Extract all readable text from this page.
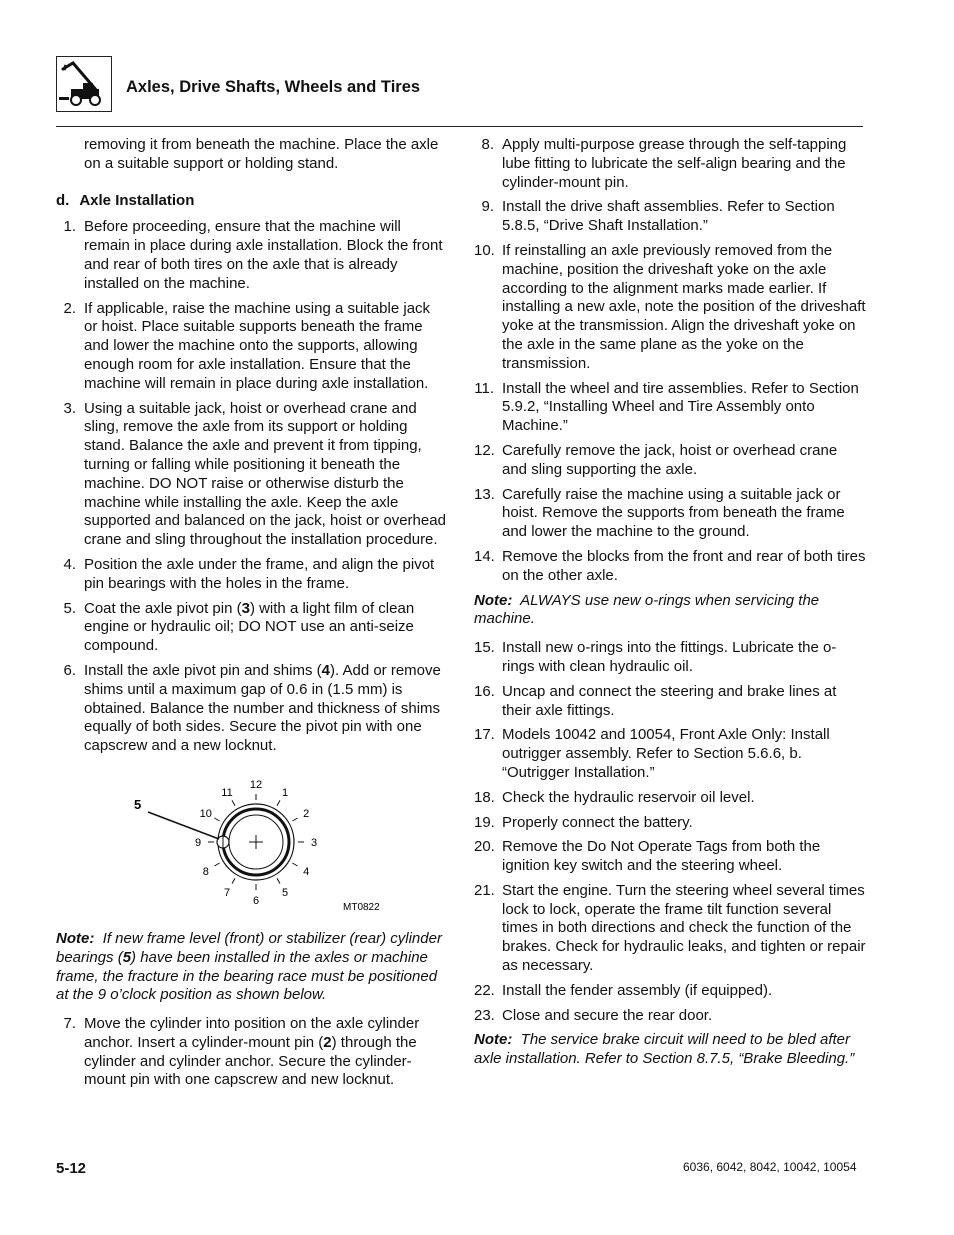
Axles, Drive Shafts, Wheels and Tires

removing it from beneath the machine. Place the axle on a suitable support or holding stand.

d. Axle Installation
1. Before proceeding, ensure that the machine will remain in place during axle installation. Block the front and rear of both tires on the axle that is already installed on the machine.
2. If applicable, raise the machine using a suitable jack or hoist. Place suitable supports beneath the frame and lower the machine onto the supports, allowing enough room for axle installation. Ensure that the machine will remain in place during axle installation.
3. Using a suitable jack, hoist or overhead crane and sling, remove the axle from its support or holding stand. Balance the axle and prevent it from tipping, turning or falling while positioning it beneath the machine. DO NOT raise or otherwise disturb the machine while installing the axle. Keep the axle supported and balanced on the jack, hoist or overhead crane and sling throughout the installation procedure.
4. Position the axle under the frame, and align the pivot pin bearings with the holes in the frame.
5. Coat the axle pivot pin (3) with a light film of clean engine or hydraulic oil; DO NOT use an anti-seize compound.
6. Install the axle pivot pin and shims (4). Add or remove shims until a maximum gap of 0.6 in (1.5 mm) is obtained. Balance the number and thickness of shims equally of both sides. Secure the pivot pin with one capscrew and a new locknut.
12
1
2
3
4
5
6
7
8
9
10
11
5
MT0822

Note: If new frame level (front) or stabilizer (rear) cylinder bearings (5) have been installed in the axles or machine frame, the fracture in the bearing race must be positioned at the 9 o’clock position as shown below.

7. Move the cylinder into position on the axle cylinder anchor. Insert a cylinder-mount pin (2) through the cylinder and cylinder anchor. Secure the cylinder-mount pin with one capscrew and new locknut.
8. Apply multi-purpose grease through the self-tapping lube fitting to lubricate the self-align bearing and the cylinder-mount pin.
9. Install the drive shaft assemblies. Refer to Section 5.8.5, “Drive Shaft Installation.”
10. If reinstalling an axle previously removed from the machine, position the driveshaft yoke on the axle according to the alignment marks made earlier. If installing a new axle, note the position of the driveshaft yoke at the transmission. Align the driveshaft yoke on the axle in the same plane as the yoke on the transmission.
11. Install the wheel and tire assemblies. Refer to Section 5.9.2, “Installing Wheel and Tire Assembly onto Machine.”
12. Carefully remove the jack, hoist or overhead crane and sling supporting the axle.
13. Carefully raise the machine using a suitable jack or hoist. Remove the supports from beneath the frame and lower the machine to the ground.
14. Remove the blocks from the front and rear of both tires on the other axle.

Note: ALWAYS use new o-rings when servicing the machine.

15. Install new o-rings into the fittings. Lubricate the o-rings with clean hydraulic oil.
16. Uncap and connect the steering and brake lines at their axle fittings.
17. Models 10042 and 10054, Front Axle Only: Install outrigger assembly. Refer to Section 5.6.6, b. “Outrigger Installation.”
18. Check the hydraulic reservoir oil level.
19. Properly connect the battery.
20. Remove the Do Not Operate Tags from both the ignition key switch and the steering wheel.
21. Start the engine. Turn the steering wheel several times lock to lock, operate the frame tilt function several times in both directions and check the function of the brakes. Check for hydraulic leaks, and tighten or repair as necessary.
22. Install the fender assembly (if equipped).
23. Close and secure the rear door.

Note: The service brake circuit will need to be bled after axle installation. Refer to Section 8.7.5, “Brake Bleeding.”

5-12	6036, 6042, 8042, 10042, 10054
